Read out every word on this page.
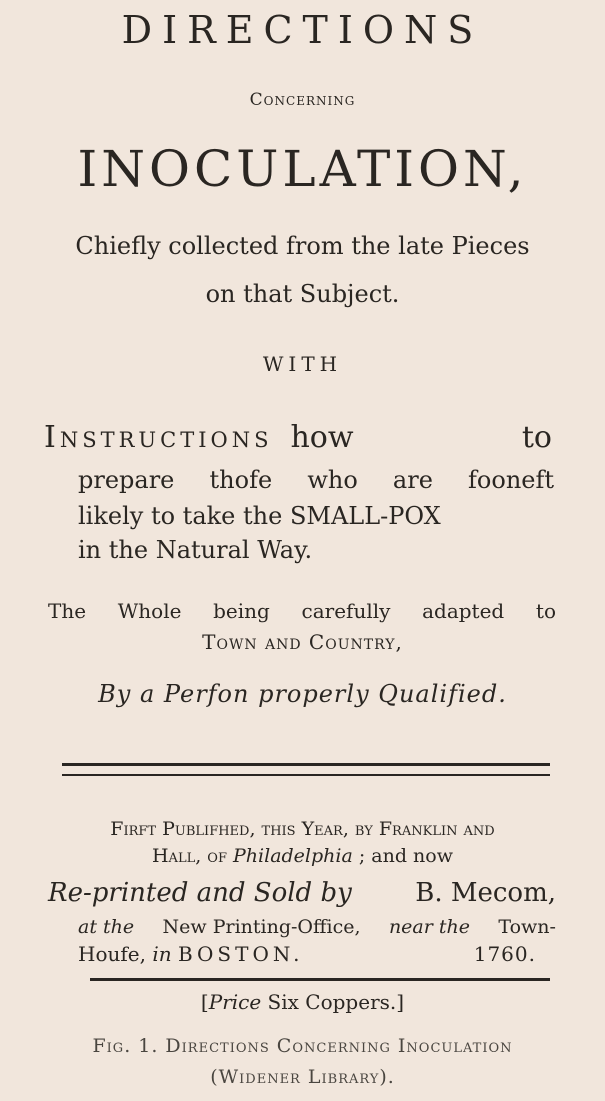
DIRECTIONS
Concerning
INOCULATION,
Chiefly collected from the late Pieces
on that Subject.
WITH
Instructions how	to
prepare thofe who are fooneft
likely to take the SMALL-POX
in the Natural Way.
The Whole being carefully adapted to
Town and Country,
By a Perfon properly Qualified.
Firft Publifhed, this Year, by Franklin and
Hall, of Philadelphia ; and now
Re-printed and Sold by B. Mecom,
at the New Printing-Office, near the Town-
Houfe, in BOSTON.	1760.
[Price Six Coppers.]
Fig. 1. Directions Concerning Inoculation
(Widener Library).
